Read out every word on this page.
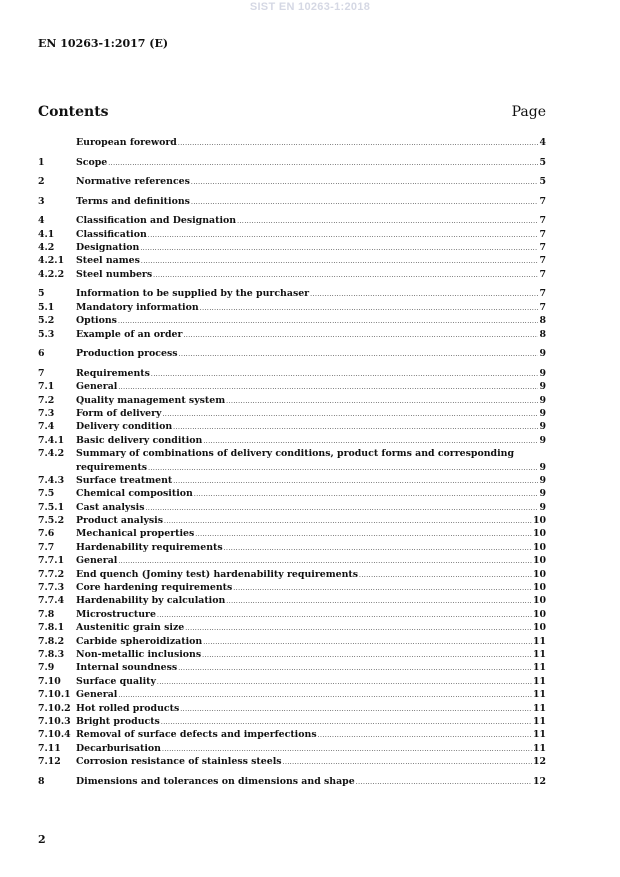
SIST EN 10263-1:2018
EN 10263-1:2017 (E)
Contents	Page
European foreword .....	4
1	Scope .....	5
2	Normative references .....	5
3	Terms and definitions .....	7
4	Classification and Designation .....	7
4.1	Classification .....	7
4.2	Designation .....	7
4.2.1	Steel names .....	7
4.2.2	Steel numbers .....	7
5	Information to be supplied by the purchaser .....	7
5.1	Mandatory information .....	7
5.2	Options .....	8
5.3	Example of an order .....	8
6	Production process .....	9
7	Requirements .....	9
7.1	General .....	9
7.2	Quality management system .....	9
7.3	Form of delivery .....	9
7.4	Delivery condition .....	9
7.4.1	Basic delivery condition .....	9
7.4.2	Summary of combinations of delivery conditions, product forms and corresponding
requirements .....	9
7.4.3	Surface treatment .....	9
7.5	Chemical composition .....	9
7.5.1	Cast analysis .....	9
7.5.2	Product analysis .....	10
7.6	Mechanical properties .....	10
7.7	Hardenability requirements .....	10
7.7.1	General .....	10
7.7.2	End quench (Jominy test) hardenability requirements .....	10
7.7.3	Core hardening requirements .....	10
7.7.4	Hardenability by calculation .....	10
7.8	Microstructure .....	10
7.8.1	Austenitic grain size .....	10
7.8.2	Carbide spheroidization .....	11
7.8.3	Non-metallic inclusions .....	11
7.9	Internal soundness .....	11
7.10	Surface quality .....	11
7.10.1 General .....	11
7.10.2 Hot rolled products .....	11
7.10.3 Bright products .....	11
7.10.4 Removal of surface defects and imperfections .....	11
7.11	Decarburisation .....	11
7.12	Corrosion resistance of stainless steels .....	12
8	Dimensions and tolerances on dimensions and shape .....	12
2
